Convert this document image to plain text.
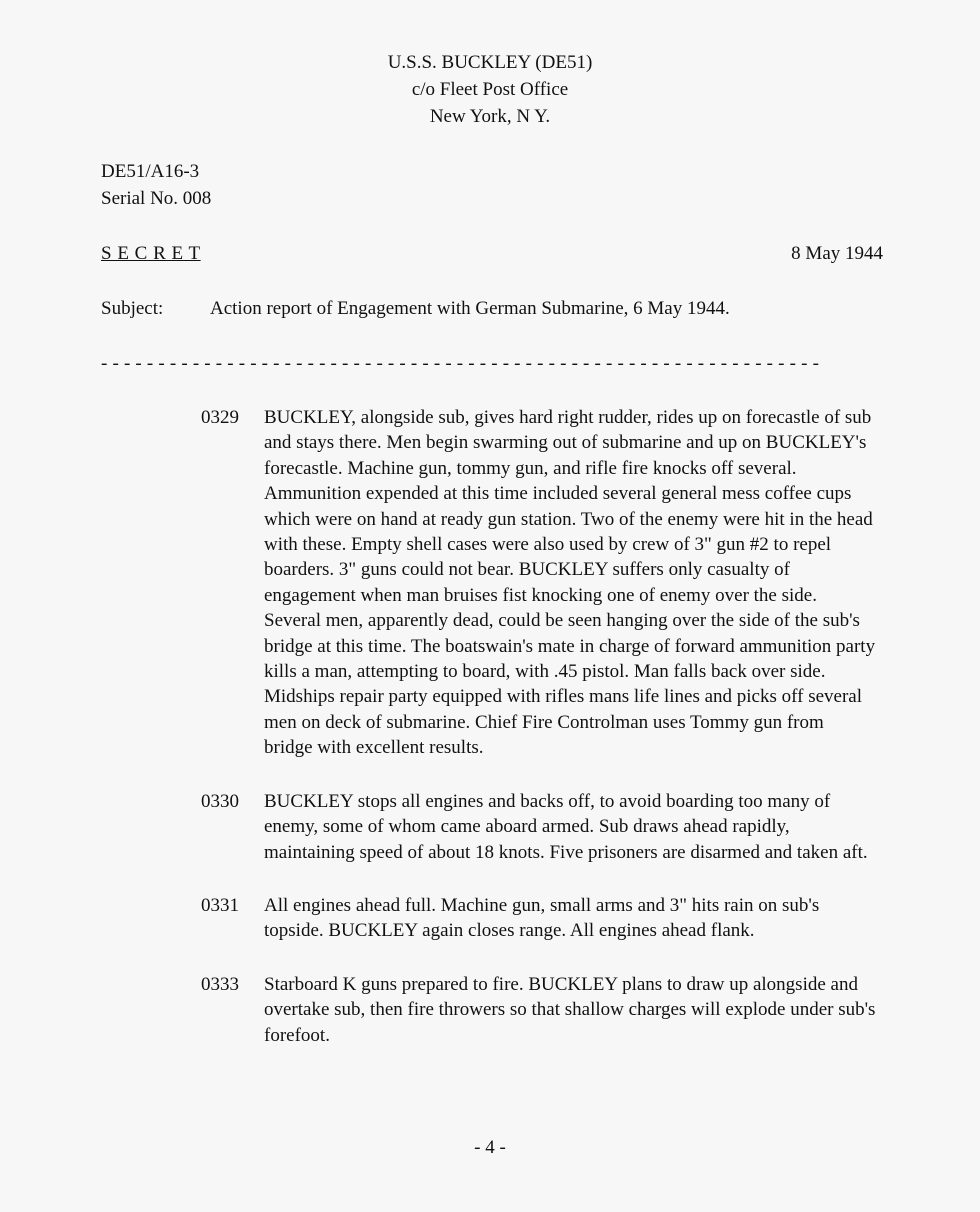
U.S.S. BUCKLEY (DE51)
c/o Fleet Post Office
New York, N Y.
DE51/A16-3
Serial No. 008
S E C R E T	8 May 1944
Subject: Action report of Engagement with German Submarine, 6 May 1944.
- - - - - - - - - - - - - - - - - - - - - - - - - - - - - - - - - - - - - - - - - - - - - - - - - - - - - - - - - - - - - - -
0329	BUCKLEY, alongside sub, gives hard right rudder, rides up on forecastle of sub and stays there. Men begin swarming out of submarine and up on BUCKLEY's forecastle. Machine gun, tommy gun, and rifle fire knocks off several. Ammunition expended at this time included several general mess coffee cups which were on hand at ready gun station. Two of the enemy were hit in the head with these. Empty shell cases were also used by crew of 3" gun #2 to repel boarders. 3" guns could not bear. BUCKLEY suffers only casualty of engagement when man bruises fist knocking one of enemy over the side. Several men, apparently dead, could be seen hanging over the side of the sub's bridge at this time. The boatswain's mate in charge of forward ammunition party kills a man, attempting to board, with .45 pistol. Man falls back over side. Midships repair party equipped with rifles mans life lines and picks off several men on deck of submarine. Chief Fire Controlman uses Tommy gun from bridge with excellent results.
0330	BUCKLEY stops all engines and backs off, to avoid boarding too many of enemy, some of whom came aboard armed. Sub draws ahead rapidly, maintaining speed of about 18 knots. Five prisoners are disarmed and taken aft.
0331	All engines ahead full. Machine gun, small arms and 3" hits rain on sub's topside. BUCKLEY again closes range. All engines ahead flank.
0333	Starboard K guns prepared to fire. BUCKLEY plans to draw up alongside and overtake sub, then fire throwers so that shallow charges will explode under sub's forefoot.
- 4 -
